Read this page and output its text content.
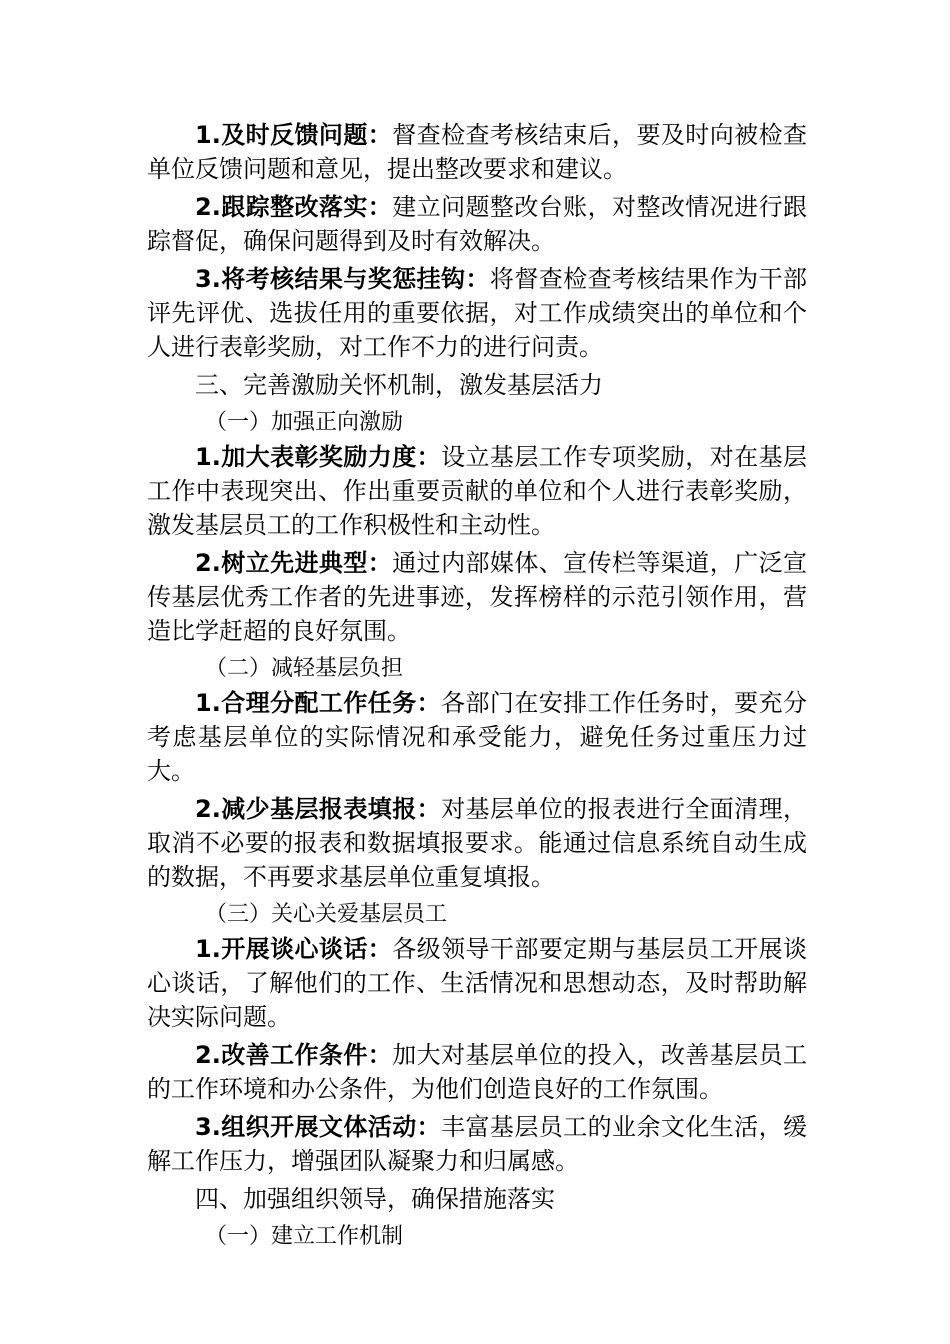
1.及时反馈问题：督查检查考核结束后，要及时向被检查单位反馈问题和意见，提出整改要求和建议。

2.跟踪整改落实：建立问题整改台账，对整改情况进行跟踪督促，确保问题得到及时有效解决。

3.将考核结果与奖惩挂钩：将督查检查考核结果作为干部评先评优、选拔任用的重要依据，对工作成绩突出的单位和个人进行表彰奖励，对工作不力的进行问责。

三、完善激励关怀机制，激发基层活力

（一）加强正向激励

1.加大表彰奖励力度：设立基层工作专项奖励，对在基层工作中表现突出、作出重要贡献的单位和个人进行表彰奖励，激发基层员工的工作积极性和主动性。

2.树立先进典型：通过内部媒体、宣传栏等渠道，广泛宣传基层优秀工作者的先进事迹，发挥榜样的示范引领作用，营造比学赶超的良好氛围。

（二）减轻基层负担

1.合理分配工作任务：各部门在安排工作任务时，要充分考虑基层单位的实际情况和承受能力，避免任务过重压力过大。

2.减少基层报表填报：对基层单位的报表进行全面清理，取消不必要的报表和数据填报要求。能通过信息系统自动生成的数据，不再要求基层单位重复填报。

（三）关心关爱基层员工

1.开展谈心谈话：各级领导干部要定期与基层员工开展谈心谈话，了解他们的工作、生活情况和思想动态，及时帮助解决实际问题。

2.改善工作条件：加大对基层单位的投入，改善基层员工的工作环境和办公条件，为他们创造良好的工作氛围。

3.组织开展文体活动：丰富基层员工的业余文化生活，缓解工作压力，增强团队凝聚力和归属感。

四、加强组织领导，确保措施落实

（一）建立工作机制
